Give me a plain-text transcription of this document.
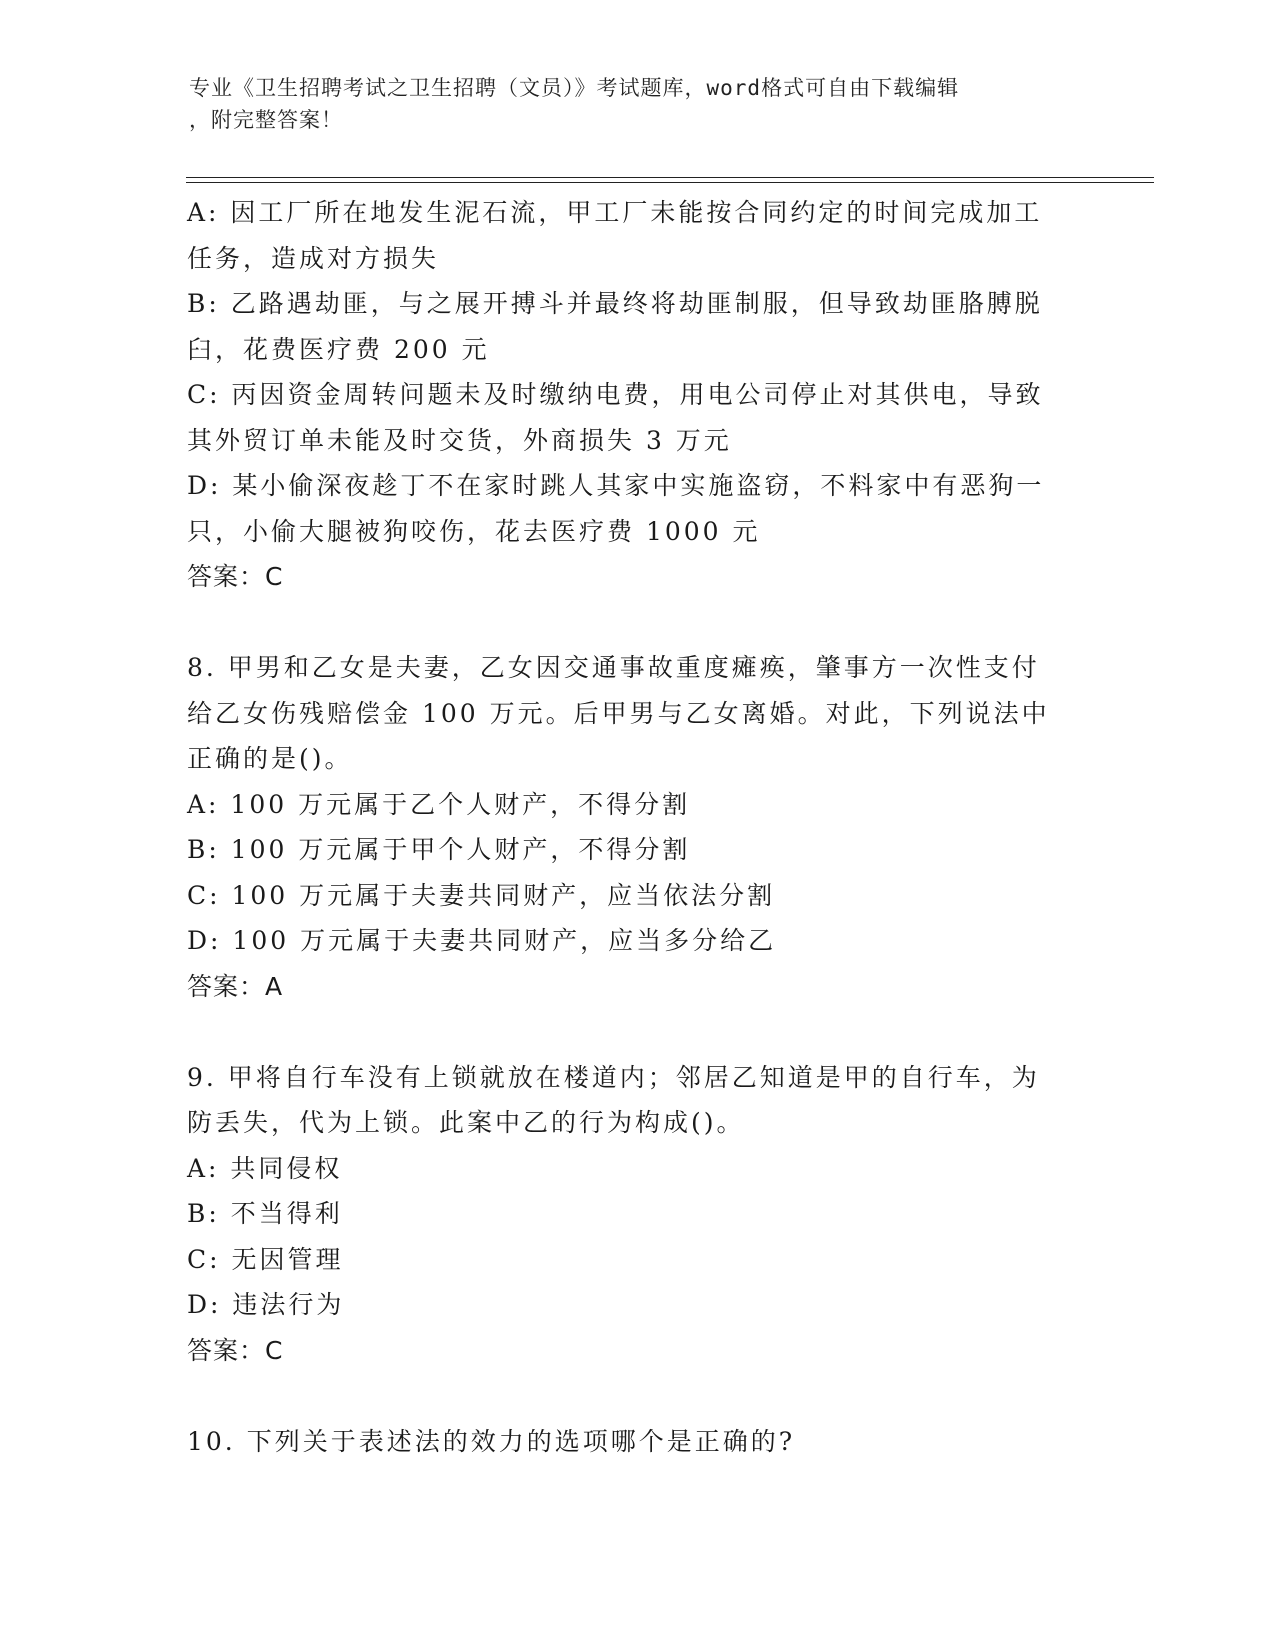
专业《卫生招聘考试之卫生招聘（文员）》考试题库，word格式可自由下载编辑
，附完整答案！
A: 因工厂所在地发生泥石流，甲工厂未能按合同约定的时间完成加工
任务，造成对方损失
B: 乙路遇劫匪，与之展开搏斗并最终将劫匪制服，但导致劫匪胳膊脱
臼，花费医疗费 200 元
C: 丙因资金周转问题未及时缴纳电费，用电公司停止对其供电，导致
其外贸订单未能及时交货，外商损失 3 万元
D: 某小偷深夜趁丁不在家时跳人其家中实施盗窃，不料家中有恶狗一
只，小偷大腿被狗咬伤，花去医疗费 1000 元
答案：C
8. 甲男和乙女是夫妻，乙女因交通事故重度瘫痪，肇事方一次性支付
给乙女伤残赔偿金 100 万元。后甲男与乙女离婚。对此，下列说法中
正确的是()。
A: 100 万元属于乙个人财产，不得分割
B: 100 万元属于甲个人财产，不得分割
C: 100 万元属于夫妻共同财产，应当依法分割
D: 100 万元属于夫妻共同财产，应当多分给乙
答案：A
9. 甲将自行车没有上锁就放在楼道内；邻居乙知道是甲的自行车，为
防丢失，代为上锁。此案中乙的行为构成()。
A: 共同侵权
B: 不当得利
C: 无因管理
D: 违法行为
答案：C
10. 下列关于表述法的效力的选项哪个是正确的?
